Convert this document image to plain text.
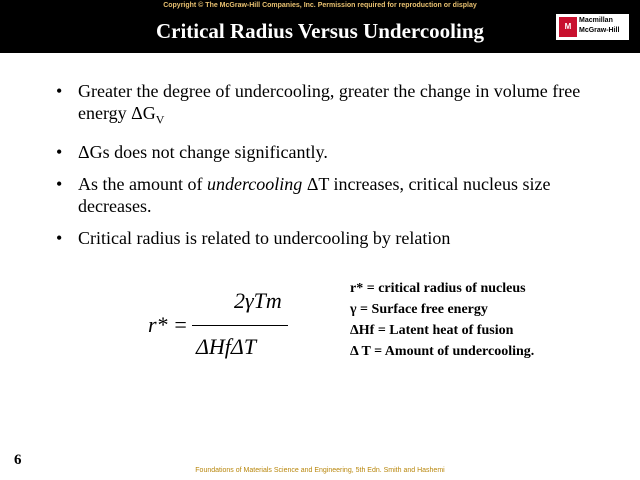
Copyright © The McGraw-Hill Companies, Inc. Permission required for reproduction or display
Critical Radius Versus Undercooling	M
Macmillan McGraw-Hill
• Greater the degree of undercooling, greater the change in volume free energy $\Delta G_V$
• ΔGs does not change significantly.
• As the amount of undercooling ΔT increases, critical nucleus size decreases.
• Critical radius is related to undercooling by relation
r* =
2γTm
ΔHfΔT
r* = critical radius of nucleus
γ = Surface free energy
ΔHf = Latent heat of fusion
Δ T = Amount of undercooling.
6
Foundations of Materials Science and Engineering, 5th Edn. Smith and Hashemi
